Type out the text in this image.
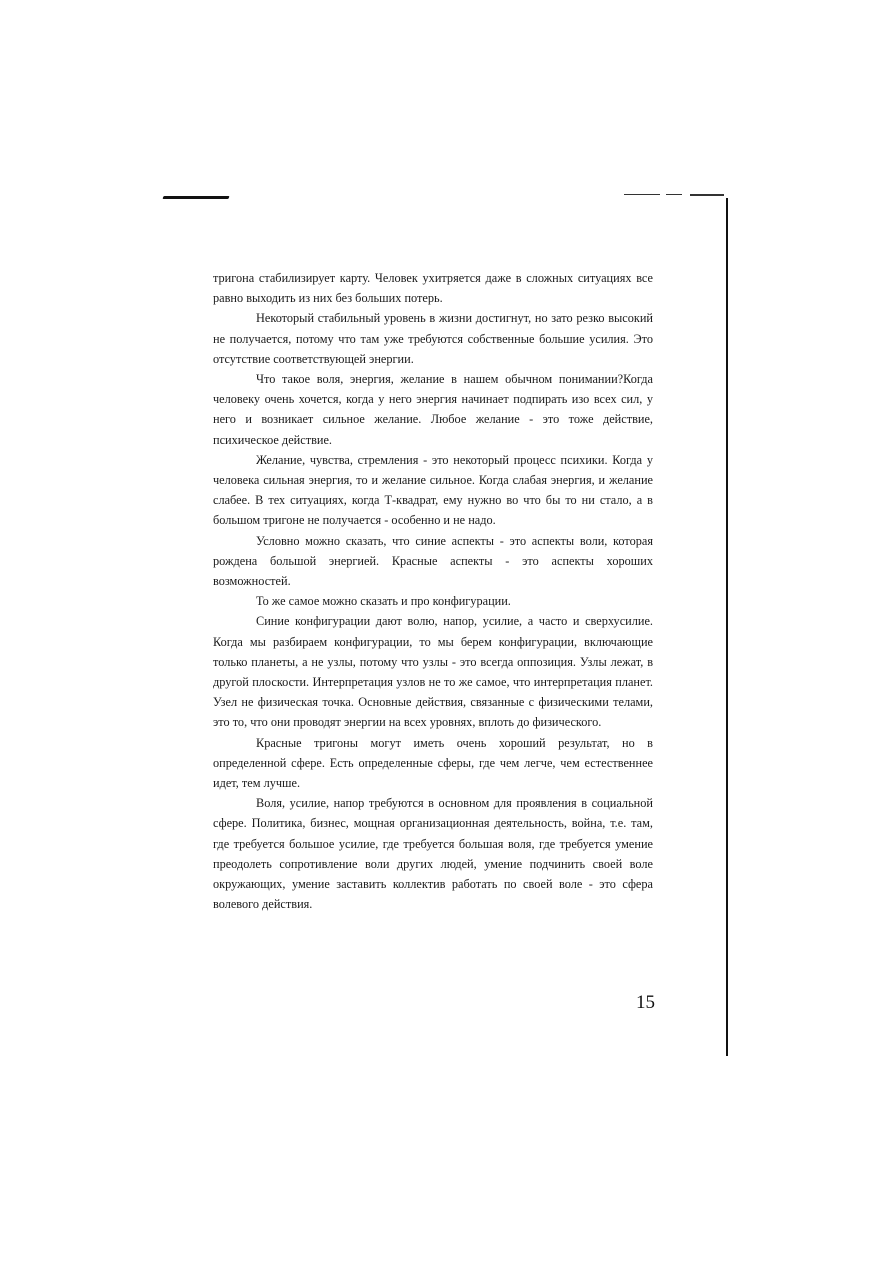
тригона стабилизирует карту. Человек ухитряется даже в сложных ситуациях все равно выходить из них без больших потерь.

Некоторый стабильный уровень в жизни достигнут, но зато резко высокий не получается, потому что там уже требуются собственные большие усилия. Это отсутствие соответствующей энергии.

Что такое воля, энергия, желание в нашем обычном понимании?Когда человеку очень хочется, когда у него энергия начинает подпирать изо всех сил, у него и возникает сильное желание. Любое желание - это тоже действие, психическое действие.

Желание, чувства, стремления - это некоторый процесс психики. Когда у человека сильная энергия, то и желание сильное. Когда слабая энергия, и желание слабее. В тех ситуациях, когда Т-квадрат, ему нужно во что бы то ни стало, а в большом тригоне не получается - особенно и не надо.

Условно можно сказать, что синие аспекты - это аспекты воли, которая рождена большой энергией. Красные аспекты - это аспекты хороших возможностей.

То же самое можно сказать и про конфигурации.

Синие конфигурации дают волю, напор, усилие, а часто и сверхусилие. Когда мы разбираем конфигурации, то мы берем конфигурации, включающие только планеты, а не узлы, потому что узлы - это всегда оппозиция. Узлы лежат, в другой плоскости. Интерпретация узлов не то же самое, что интерпретация планет. Узел не физическая точка. Основные действия, связанные с физическими телами, это то, что они проводят энергии на всех уровнях, вплоть до физического.

Красные тригоны могут иметь очень хороший результат, но в определенной сфере. Есть определенные сферы, где чем легче, чем естественнее идет, тем лучше.

Воля, усилие, напор требуются в основном для проявления в социальной сфере. Политика, бизнес, мощная организационная деятельность, война, т.е. там, где требуется большое усилие, где требуется большая воля, где требуется умение преодолеть сопротивление воли других людей, умение подчинить своей воле окружающих, умение заставить коллектив работать по своей воле - это сфера волевого действия.

15
